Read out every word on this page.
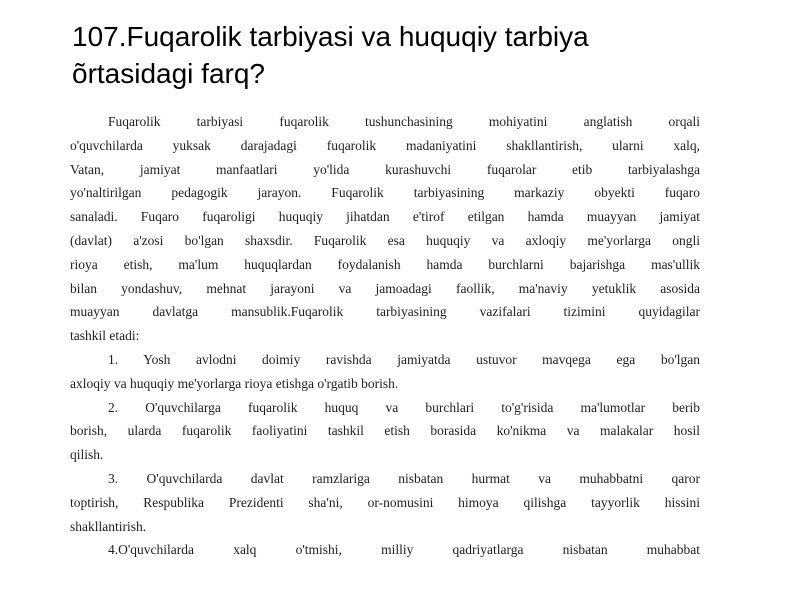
107.Fuqarolik tarbiyasi va huquqiy tarbiya
õrtasidagi farq?
Fuqarolik tarbiyasi fuqarolik tushunchasining mohiyatini anglatish orqali
o'quvchilarda yuksak darajadagi fuqarolik madaniyatini shakllantirish, ularni xalq,
Vatan, jamiyat manfaatlari yo'lida kurashuvchi fuqarolar etib tarbiyalashga
yo'naltirilgan pedagogik jarayon. Fuqarolik tarbiyasining markaziy obyekti fuqaro
sanaladi. Fuqaro fuqaroligi huquqiy jihatdan e'tirof etilgan hamda muayyan jamiyat
(davlat) a'zosi bo'lgan shaxsdir. Fuqarolik esa huquqiy va axloqiy me'yorlarga ongli
rioya etish, ma'lum huquqlardan foydalanish hamda burchlarni bajarishga mas'ullik
bilan yondashuv, mehnat jarayoni va jamoadagi faollik, ma'naviy yetuklik asosida
muayyan davlatga mansublik.Fuqarolik tarbiyasining vazifalari tizimini quyidagilar
tashkil etadi:
1. Yosh avlodni doimiy ravishda jamiyatda ustuvor mavqega ega bo'lgan
axloqiy va huquqiy me'yorlarga rioya etishga o'rgatib borish.
2. O'quvchilarga fuqarolik huquq va burchlari to'g'risida ma'lumotlar berib
borish, ularda fuqarolik faoliyatini tashkil etish borasida ko'nikma va malakalar hosil
qilish.
3. O'quvchilarda davlat ramzlariga nisbatan hurmat va muhabbatni qaror
toptirish, Respublika Prezidenti sha'ni, or-nomusini himoya qilishga tayyorlik hissini
shakllantirish.
4.O'quvchilarda xalq o'tmishi, milliy qadriyatlarga nisbatan muhabbat
